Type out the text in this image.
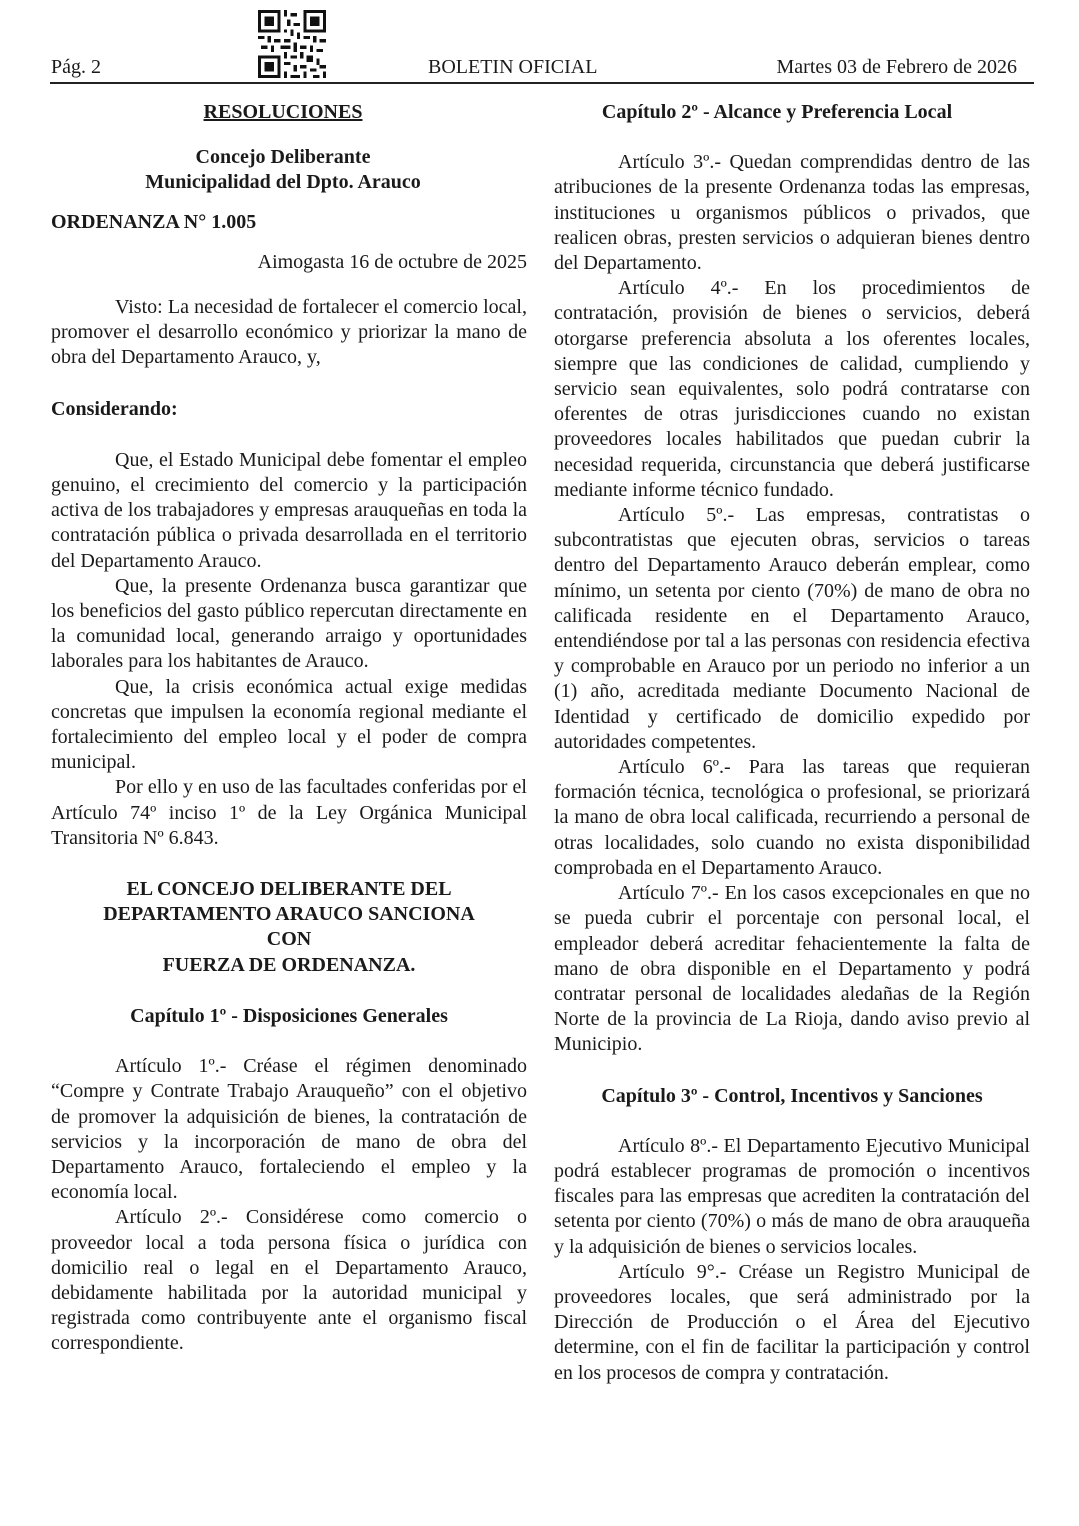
Pág. 2	BOLETIN OFICIAL	Martes 03 de Febrero de 2026

RESOLUCIONES

Concejo Deliberante

Municipalidad del Dpto. Arauco

ORDENANZA N° 1.005

Aimogasta 16 de octubre de 2025

Visto: La necesidad de fortalecer el comercio local, promover el desarrollo económico y priorizar la mano de obra del Departamento Arauco, y,

Considerando:

Que, el Estado Municipal debe fomentar el empleo genuino, el crecimiento del comercio y la participación activa de los trabajadores y empresas arauqueñas en toda la contratación pública o privada desarrollada en el territorio del Departamento Arauco.

Que, la presente Ordenanza busca garantizar que los beneficios del gasto público repercutan directamente en la comunidad local, generando arraigo y oportunidades laborales para los habitantes de Arauco.

Que, la crisis económica actual exige medidas concretas que impulsen la economía regional mediante el fortalecimiento del empleo local y el poder de compra municipal.

Por ello y en uso de las facultades conferidas por el Artículo 74º inciso 1º de la Ley Orgánica Municipal Transitoria Nº 6.843.

EL CONCEJO DELIBERANTE DEL

DEPARTAMENTO ARAUCO SANCIONA

CON

FUERZA DE ORDENANZA.

Capítulo 1º - Disposiciones Generales

Artículo 1º.- Créase el régimen denominado “Compre y Contrate Trabajo Arauqueño” con el objetivo de promover la adquisición de bienes, la contratación de servicios y la incorporación de mano de obra del Departamento Arauco, fortaleciendo el empleo y la economía local.

Artículo 2º.- Considérese como comercio o proveedor local a toda persona física o jurídica con domicilio real o legal en el Departamento Arauco, debidamente habilitada por la autoridad municipal y registrada como contribuyente ante el organismo fiscal correspondiente.

Capítulo 2º - Alcance y Preferencia Local

Artículo 3º.- Quedan comprendidas dentro de las atribuciones de la presente Ordenanza todas las empresas, instituciones u organismos públicos o privados, que realicen obras, presten servicios o adquieran bienes dentro del Departamento.

Artículo 4º.- En los procedimientos de contratación, provisión de bienes o servicios, deberá otorgarse preferencia absoluta a los oferentes locales, siempre que las condiciones de calidad, cumpliendo y servicio sean equivalentes, solo podrá contratarse con oferentes de otras jurisdicciones cuando no existan proveedores locales habilitados que puedan cubrir la necesidad requerida, circunstancia que deberá justificarse mediante informe técnico fundado.

Artículo 5º.- Las empresas, contratistas o subcontratistas que ejecuten obras, servicios o tareas dentro del Departamento Arauco deberán emplear, como mínimo, un setenta por ciento (70%) de mano de obra no calificada residente en el Departamento Arauco, entendiéndose por tal a las personas con residencia efectiva y comprobable en Arauco por un periodo no inferior a un (1) año, acreditada mediante Documento Nacional de Identidad y certificado de domicilio expedido por autoridades competentes.

Artículo 6º.- Para las tareas que requieran formación técnica, tecnológica o profesional, se priorizará la mano de obra local calificada, recurriendo a personal de otras localidades, solo cuando no exista disponibilidad comprobada en el Departamento Arauco.

Artículo 7º.- En los casos excepcionales en que no se pueda cubrir el porcentaje con personal local, el empleador deberá acreditar fehacientemente la falta de mano de obra disponible en el Departamento y podrá contratar personal de localidades aledañas de la Región Norte de la provincia de La Rioja, dando aviso previo al Municipio.

Capítulo 3º - Control, Incentivos y Sanciones

Artículo 8º.- El Departamento Ejecutivo Municipal podrá establecer programas de promoción o incentivos fiscales para las empresas que acrediten la contratación del setenta por ciento (70%) o más de mano de obra arauqueña y la adquisición de bienes o servicios locales.

Artículo 9°.- Créase un Registro Municipal de proveedores locales, que será administrado por la Dirección de Producción o el Área del Ejecutivo determine, con el fin de facilitar la participación y control en los procesos de compra y contratación.
